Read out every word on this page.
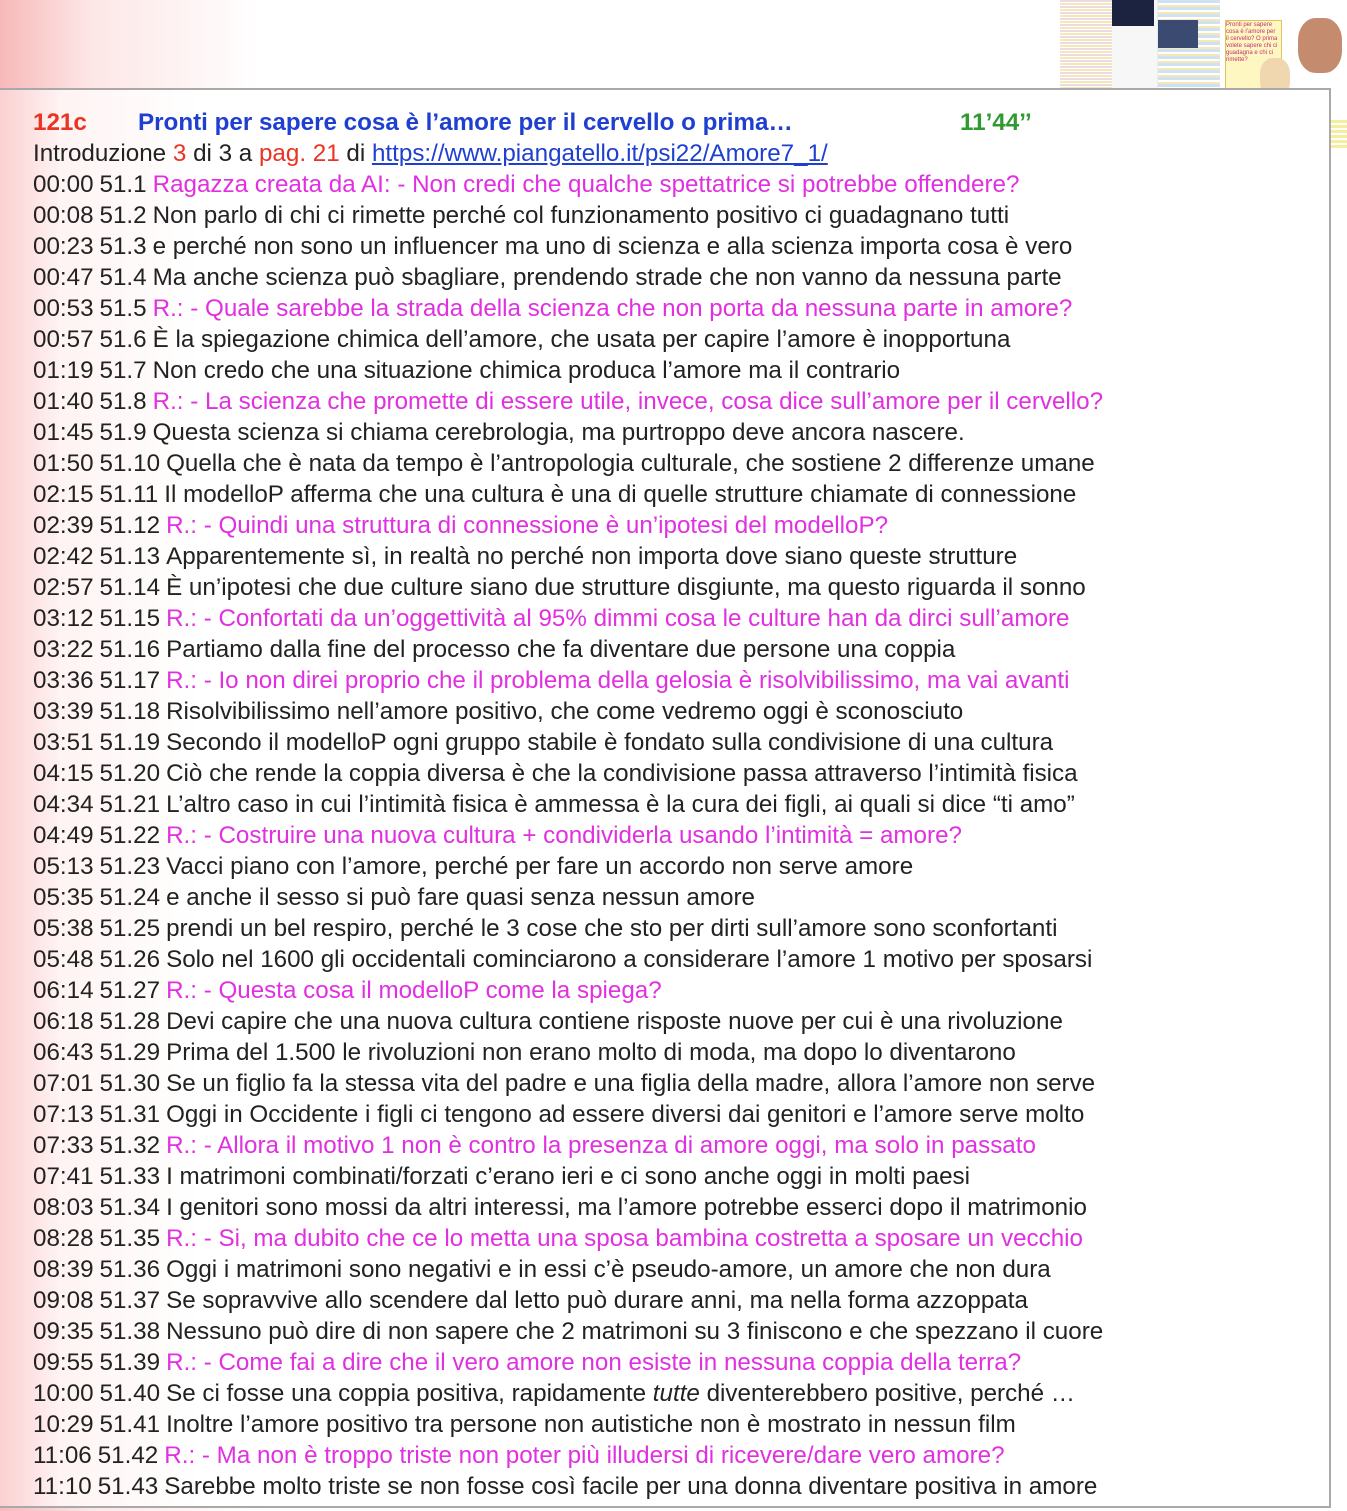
Pronti per sapere cosa è l’amore per il cervello? O prima volete sapere chi ci guadagna e chi ci rimette?
121c Pronti per sapere cosa è l’amore per il cervello o prima…	11’44’’
Introduzione 3 di 3 a pag. 21 di https://www.piangatello.it/psi22/Amore7_1/
00:00 51.1 Ragazza creata da AI: - Non credi che qualche spettatrice si potrebbe offendere?
00:08 51.2 Non parlo di chi ci rimette perché col funzionamento positivo ci guadagnano tutti
00:23 51.3 e perché non sono un influencer ma uno di scienza e alla scienza importa cosa è vero
00:47 51.4 Ma anche scienza può sbagliare, prendendo strade che non vanno da nessuna parte
00:53 51.5 R.: - Quale sarebbe la strada della scienza che non porta da nessuna parte in amore?
00:57 51.6 È la spiegazione chimica dell’amore, che usata per capire l’amore è inopportuna
01:19 51.7 Non credo che una situazione chimica produca l’amore ma il contrario
01:40 51.8 R.: - La scienza che promette di essere utile, invece, cosa dice sull’amore per il cervello?
01:45 51.9 Questa scienza si chiama cerebrologia, ma purtroppo deve ancora nascere.
01:50 51.10 Quella che è nata da tempo è l’antropologia culturale, che sostiene 2 differenze umane
02:15 51.11 Il modelloP afferma che una cultura è una di quelle strutture chiamate di connessione
02:39 51.12 R.: - Quindi una struttura di connessione è un’ipotesi del modelloP?
02:42 51.13 Apparentemente sì, in realtà no perché non importa dove siano queste strutture
02:57 51.14 È un’ipotesi che due culture siano due strutture disgiunte, ma questo riguarda il sonno
03:12 51.15 R.: - Confortati da un’oggettività al 95% dimmi cosa le culture han da dirci sull’amore
03:22 51.16 Partiamo dalla fine del processo che fa diventare due persone una coppia
03:36 51.17 R.: - Io non direi proprio che il problema della gelosia è risolvibilissimo, ma vai avanti
03:39 51.18 Risolvibilissimo nell’amore positivo, che come vedremo oggi è sconosciuto
03:51 51.19 Secondo il modelloP ogni gruppo stabile è fondato sulla condivisione di una cultura
04:15 51.20 Ciò che rende la coppia diversa è che la condivisione passa attraverso l’intimità fisica
04:34 51.21 L’altro caso in cui l’intimità fisica è ammessa è la cura dei figli, ai quali si dice “ti amo”
04:49 51.22 R.: - Costruire una nuova cultura + condividerla usando l’intimità = amore?
05:13 51.23 Vacci piano con l’amore, perché per fare un accordo non serve amore
05:35 51.24 e anche il sesso si può fare quasi senza nessun amore
05:38 51.25 prendi un bel respiro, perché le 3 cose che sto per dirti sull’amore sono sconfortanti
05:48 51.26 Solo nel 1600 gli occidentali cominciarono a considerare l’amore 1 motivo per sposarsi
06:14 51.27 R.: - Questa cosa il modelloP come la spiega?
06:18 51.28 Devi capire che una nuova cultura contiene risposte nuove per cui è una rivoluzione
06:43 51.29 Prima del 1.500 le rivoluzioni non erano molto di moda, ma dopo lo diventarono
07:01 51.30 Se un figlio fa la stessa vita del padre e una figlia della madre, allora l’amore non serve
07:13 51.31 Oggi in Occidente i figli ci tengono ad essere diversi dai genitori e l’amore serve molto
07:33 51.32 R.: - Allora il motivo 1 non è contro la presenza di amore oggi, ma solo in passato
07:41 51.33 I matrimoni combinati/forzati c’erano ieri e ci sono anche oggi in molti paesi
08:03 51.34 I genitori sono mossi da altri interessi, ma l’amore potrebbe esserci dopo il matrimonio
08:28 51.35 R.: - Si, ma dubito che ce lo metta una sposa bambina costretta a sposare un vecchio
08:39 51.36 Oggi i matrimoni sono negativi e in essi c’è pseudo-amore, un amore che non dura
09:08 51.37 Se sopravvive allo scendere dal letto può durare anni, ma nella forma azzoppata
09:35 51.38 Nessuno può dire di non sapere che 2 matrimoni su 3 finiscono e che spezzano il cuore
09:55 51.39 R.: - Come fai a dire che il vero amore non esiste in nessuna coppia della terra?
10:00 51.40 Se ci fosse una coppia positiva, rapidamente tutte diventerebbero positive, perché …
10:29 51.41 Inoltre l’amore positivo tra persone non autistiche non è mostrato in nessun film
11:06 51.42 R.: - Ma non è troppo triste non poter più illudersi di ricevere/dare vero amore?
11:10 51.43 Sarebbe molto triste se non fosse così facile per una donna diventare positiva in amore
